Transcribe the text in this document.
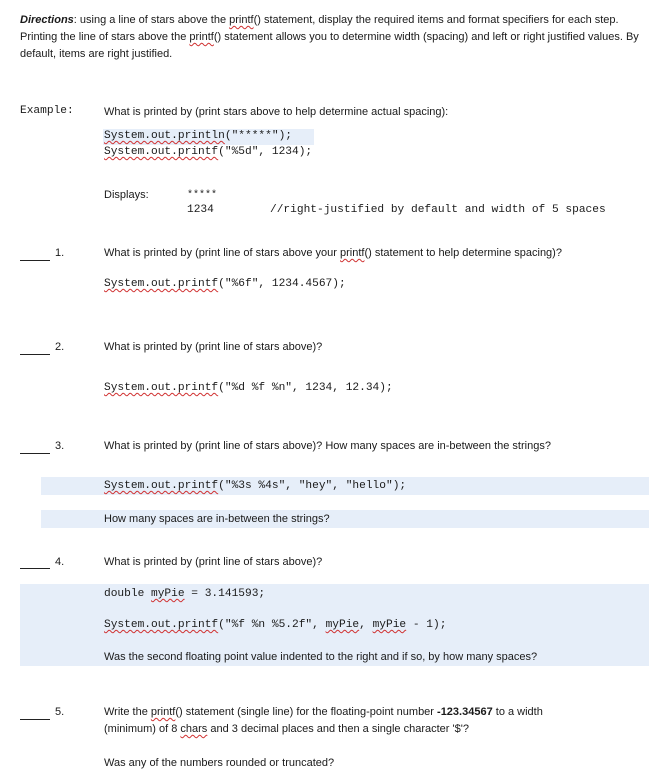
Directions: using a line of stars above the printf() statement, display the required items and format specifiers for each step. Printing the line of stars above the printf() statement allows you to determine width (spacing) and left or right justified values. By default, items are right justified.
Example:	What is printed by (print stars above to help determine actual spacing):
System.out.println("*****");
System.out.printf("%5d", 1234);
Displays:	*****
1234	//right-justified by default and width of 5 spaces
1.	What is printed by (print line of stars above your printf() statement to help determine spacing)?
System.out.printf("%6f", 1234.4567);
2.	What is printed by (print line of stars above)?
System.out.printf("%d %f %n", 1234, 12.34);
3.	What is printed by (print line of stars above)? How many spaces are in-between the strings?
System.out.printf("%3s %4s", "hey", "hello");
How many spaces are in-between the strings?
4.	What is printed by (print line of stars above)?
double myPie = 3.141593;
System.out.printf("%f %n %5.2f", myPie, myPie - 1);
Was the second floating point value indented to the right and if so, by how many spaces?
5.	Write the printf() statement (single line) for the floating-point number -123.34567 to a width
(minimum) of 8 chars and 3 decimal places and then a single character '$'?
Was any of the numbers rounded or truncated?
